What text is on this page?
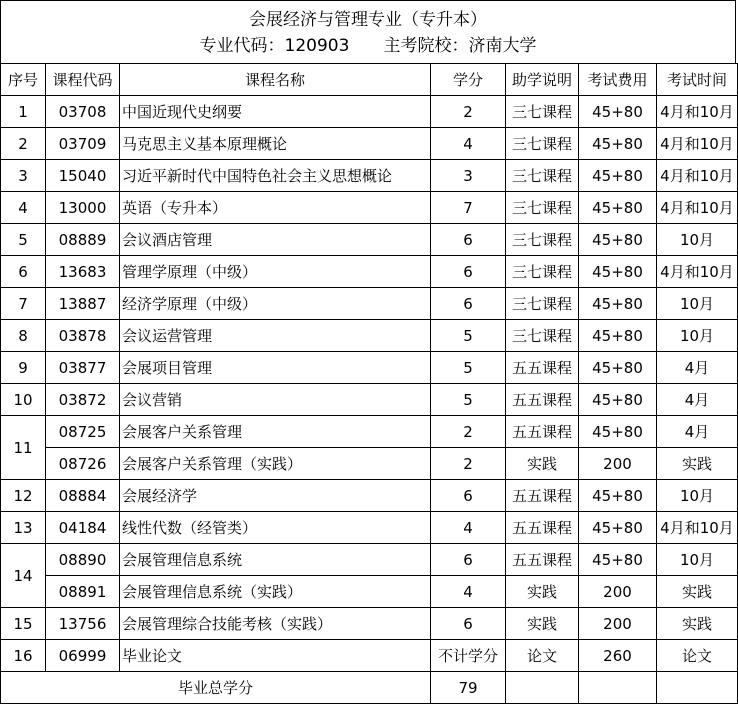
会展经济与管理专业（专升本）
专业代码：120903 主考院校：济南大学
序号	课程代码	课程名称	学分	助学说明	考试费用	考试时间
1	03708	中国近现代史纲要	2	三七课程	45+80	4月和10月
2	03709	马克思主义基本原理概论	4	三七课程	45+80	4月和10月
3	15040	习近平新时代中国特色社会主义思想概论	3	三七课程	45+80	4月和10月
4	13000	英语（专升本）	7	三七课程	45+80	4月和10月
5	08889	会议酒店管理	6	三七课程	45+80	10月
6	13683	管理学原理（中级）	6	三七课程	45+80	4月和10月
7	13887	经济学原理（中级）	6	三七课程	45+80	10月
8	03878	会议运营管理	5	三七课程	45+80	10月
9	03877	会展项目管理	5	五五课程	45+80	4月
10	03872	会议营销	5	五五课程	45+80	4月
11	08725	会展客户关系管理	2	五五课程	45+80	4月
	08726	会展客户关系管理（实践）	2	实践	200	实践
12	08884	会展经济学	6	五五课程	45+80	10月
13	04184	线性代数（经管类）	4	五五课程	45+80	4月和10月
14	08890	会展管理信息系统	6	五五课程	45+80	10月
	08891	会展管理信息系统（实践）	4	实践	200	实践
15	13756	会展管理综合技能考核（实践）	6	实践	200	实践
16	06999	毕业论文	不计学分	论文	260	论文
毕业总学分			79			
